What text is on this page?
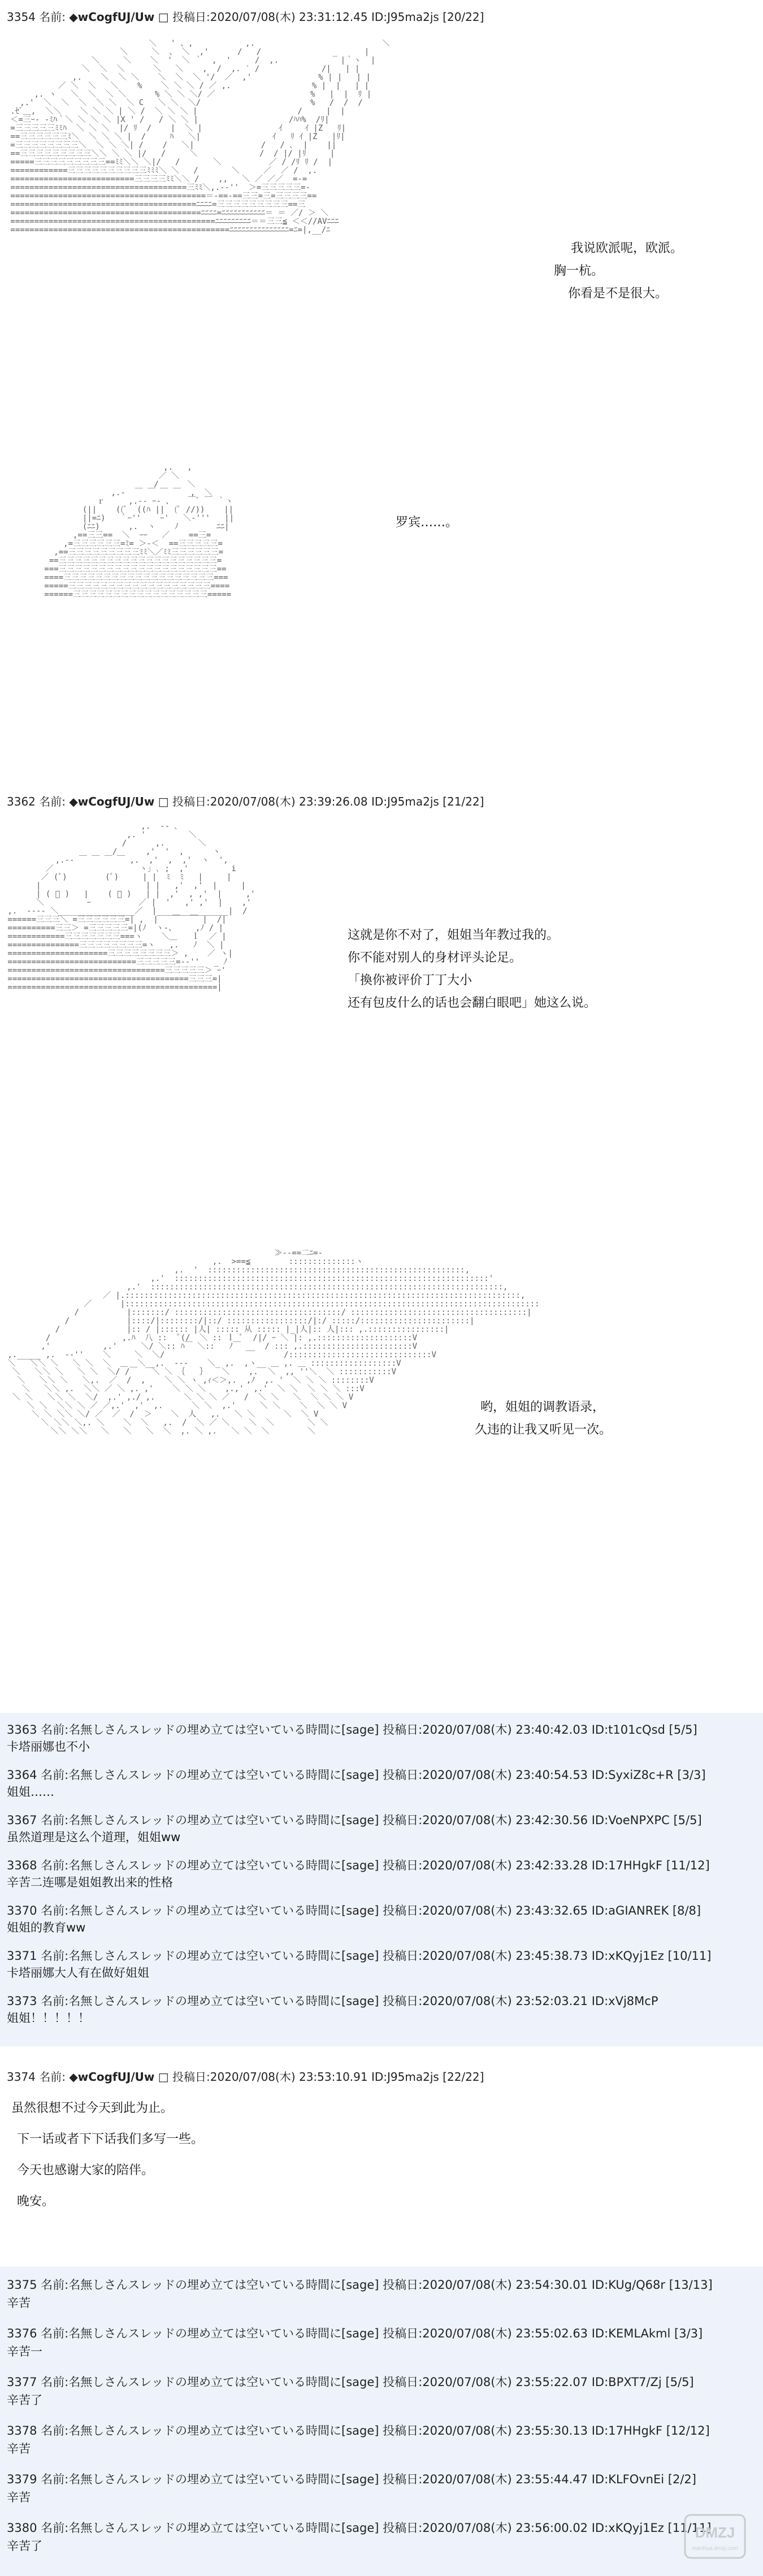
3354 名前: ◆wCogfUJ/Uw □ 投稿日:2020/07/08(木) 23:31:12.45 ID:J95ma2js [20/22]
＼   ' 、,           ,.  　                       ＼
＼     ＼  、 ＼  ,'      /   /               _　    |
＼     ＼    ＼  '  ＼ ｀  ,  '     /  ,.             |｀ヽ  |
＼  ＼  ＼      ＼   ＼    ,  /  ,. ′ /             /|   | |
,.    ＼  ＼ ＼    ＼  ＼  ＼ '/  ／  ,'              % | |   | |
／ ＼  ＼   ＼    %    ＼ ＼ ＼ / ／ ,.                 % |  |   | |
,. ヽ   ＼  ＼  ＼ ＼      % ＼ ＼ ＼/ ／                    %   |  |  ﾘ |
,.'  ＼  ＼  ＼  ＼ ＼  ＼ C   ＼ ＼  ＼/                       %   /  /  /
.ｾﾞ＿,  ＼＼    ＼ ＼ ＼ | ＼ /  ＼ ＼ ＼ |                     /     |  |
＜=三ｰ- ‐ﾐﾊ｀＼ ＼ ＼ ＼ |X ' /   / ＼ ＼ |                   /ﾊﾊ%  /ﾘ|
=三三三三三ﾐﾐﾊ  ＼ ＼ ＼  |/ ﾘ  /    |  ＼ |                ｲ 　  ｲ |Z   ﾘ|
==三三三三三三ﾐ＼  ＼ ＼ ＼ |  /     ﾊ   ＼|               ｲ   ﾘ ｲ |Z   |ﾘ|
=三三三三三三三三＼  ＼ ＼ ＼| /    /   ＼|              /   / ､  |    ||
==三三三三三三三三三＼＼ ＼ ＼ |/   /     ＼             /  / |/ |ﾘ     |
=====三三三三三三三三三==ﾐﾐ＼＼ ＼|/   /       ＼          ／ / /ﾘ ﾘ /  |
============三三三三三三三三三三ﾐﾐﾐ＼ ＼   /       ＼     ／  ／ /  ,.
==========================三三三三ﾐﾐ＼＼ /    ,,   ＼ ／ ／／  =-=
=====================================三ﾐﾐ＼,.-‐''  ＞=三三三三三=-
=========================================＝-==-==三三=三=三三三三==
=======================================ﾆﾆﾆﾆ=三三三三三三三三三==三
========================================ﾆﾆﾆﾆ=ﾆﾆﾆﾆﾆﾆﾆﾆﾆﾆﾆ＝ ＝ ／/ ＞ ＼
===========================================ﾆﾆﾆﾆﾆﾆﾆﾆﾆ＝＝三三≦ ＜＜//AVﾆﾆﾆ
==============================================ﾆﾆﾆﾆﾆﾆﾆﾆﾆﾆﾆﾆﾆﾆﾆ=ﾆ=|,__/ﾆ

我说欧派呢，欧派。
胸一杭。
你看是不是很大。
,.   ,
／ ＼
/      ＼
,.-  ￣ ￣ ￣ ￣  ,  ＼
ｒ     ,.-‐ ｰ- 、   ￣ﾞ ￣ ｀ヽ
(||    ((ﾞ  ((ﾊ ||  (ﾟ //))    ||
||=ﾆ)   ｀ｰ''    ｰ'   ＼‐'''   ||
(ﾆﾆ)      ,.  ヽ    ﾉ        ﾆﾆ|
,==三三==  ＼  ｰｰ   ／    ==三=
,=三三三三三三=ﾐ= ＞-＜  ==三三三三三=
,==三三三三三三三三三ﾐﾐ＼／ﾐﾐ三三三三三三=
==三三三三三三三三三三三三三三三三三三三三=
===三三三三三三三三三三三三三三三三三三三三==
====三三三三三三三三三三三三三三三三三三三===
=====三三三三三三三三三三三三三三三三三三====
======三三三三三三三三三三三三三三三三三=====

罗宾……。
3362 名前: ◆wCogfUJ/Uw □ 投稿日:2020/07/08(木) 23:39:26.08 ID:J95ma2js [21/22]
,.  -‐ ､
,. '         ＼
/      ,.       ＼
/      ,'  '  ,      ヽ
,.-‐ ￣ ￣ ￣ ￣ ,.  ,'  ,  ,'  ヽ  ',
／                  ヽ｣ ､ ;  ,'         i
／ (ﾟ)        (ﾟ)     | |  ﾐ  ﾐ   |     |
|                      | |   ,'  ,'  |     |
| ( ﾟ )   |    ( ﾟ )   | |  ,'  , ,'  |     ,'
＼         ｰ          ／ |  '   ,' ,'  |    ,'
,.  ---- ＼________________／  |_______________|  /
======三三三＼ =三三三三三三=| ,  |   ￣  ￣ |  /|
==========三三＞ =三三三三三=|(ﾉ  ヽ-、    ,ﾉ / |
============三三三三三三三===ヽ    ＼＿   ｌ  ／ |
===============三三三三三三三三=ヽ   ,.   ﾉ  ＼ |
=====================三三三三三三三三＞ ,    ／ ヽ|
===========================三三三三三=-‐''   _ ﾉ
=================================三三三三三＞ ｰ'
======================================三三三=|
============================================|

这就是你不对了，姐姐当年教过我的。
你不能对别人的身材评头论足。
「換你被评价丁丁大小
还有包皮什么的话也会翻白眼吧」她这么说。
≫‐-==二ﾆ=-
,.  >==≦        ::::::::::::::ヽ
,.  '  ::::::::::::::::::::::::::::::::::::::::::::::::::::::,
,.'  ::::::::::::::::::::::::::::::::::::::::::::::::::::::::::::::::::'
,.'  ::::::::::::::::::::::::::::::::::::::::::::::::::::::::::::::::::::::::::,
／ |.:::::::::::::::::::::::::::::::::::::::::::::::::::::::::::::::::::::::::::::::::::,
／      |:::::::::::::::::::::::::::::::::::::::::::::::::::::::::::::::::::::::::::::::::::::::
/          |:::::::/ :::::::::::::::::::::::::::::::::::/ :::::::::::::::::::::::::::::::::::::|
/            |::::/|::::::::/|::/ :::::::::::::::::/|:/ :::::/:::::::::::::::::::::::|
/              |:: / |:::::: |人| ::::: 从 ::::: |_|人|:: 人|::: ,.::::::::::::::::|
/               ,.ﾊ  八 ::  ﾟ(/  ＼ :: ｌ ﾟ  /|/ ｰ ＼ |: ,.::::::::::::::::::::V
,'           ,.'     ＼/ ＼:: ﾊ￣ ＼::   ﾉ￣ __  / ::: ,.:::::::::::::::::::::::V
,._____ ,.  -‐''    ＼     ＼  ＼/                         /::::::::::::::::::::::::::::::V
＼   ＼＼ ＼   ＼ ＼  ＼  ＿  ＼__,.  ---    ＼_ ,.  ,ヽ__ ＿ ,. ＿ ::::::::::::::::::V
＼   ＼＼ ＼   ＼ ＼  ＼/ /￣   ＼ ＼ ｛   ｝   ＼    ,.  ＼  ,, ''＼  ＼ :::::::::::V
＼   ＼＼ ＼   ＼,.  ／  /  ,    ＼ ＼ ヽ ,ｨ＜＞,.  ,ﾉ  ,. '  ＼ ＼ ＼ ::::::::V
＼   ＼＼ ,.  ＼＼ ／ ＼ ,. ,'    ＼ ＼ ＼    ,.,'  ,.'  ＼ ＼  ＼ ＼ ＼ :::V
＼ ＼   ＼＼ ＼  ＼/  ,.' ,./ ,.      ＼ ＼ ＼ ／   /  ＼ ＼   ＼  ＼ ＼ ＼ V
＼ ＼  ＼＼ ＼ ／ ／,.'  ,'  ,.      ＼ ＼  ,.'     ＼ ＼    ＼  ＼ ＼ V
＼ ＼ ＼＼ ＼/ ／  ／  /  ＞    ＼  人   ,.   ＼ ＼      ＼  ＼ V
＼ ＼＼ ＼,. ＼    ＼  ＼   ,.  /  ＼ ／ ＼    ＼  ＼       ＼ ＼
＼＼ ＼＼   ＼   ＼   ＼  ＼  ,. ＼ ,.   ＼ ＼  ＼        ＼

哟，姐姐的调教语录，
久违的让我又听见一次。
3363 名前:名無しさんスレッドの埋め立ては空いている時間に[sage] 投稿日:2020/07/08(木) 23:40:42.03 ID:t101cQsd [5/5]
卡塔丽娜也不小
3364 名前:名無しさんスレッドの埋め立ては空いている時間に[sage] 投稿日:2020/07/08(木) 23:40:54.53 ID:SyxiZ8c+R [3/3]
姐姐……
3367 名前:名無しさんスレッドの埋め立ては空いている時間に[sage] 投稿日:2020/07/08(木) 23:42:30.56 ID:VoeNPXPC [5/5]
虽然道理是这么个道理，姐姐ww
3368 名前:名無しさんスレッドの埋め立ては空いている時間に[sage] 投稿日:2020/07/08(木) 23:42:33.28 ID:17HHgkF [11/12]
辛苦二连哪是姐姐教出来的性格
3370 名前:名無しさんスレッドの埋め立ては空いている時間に[sage] 投稿日:2020/07/08(木) 23:43:32.65 ID:aGIANREK [8/8]
姐姐的教育ww
3371 名前:名無しさんスレッドの埋め立ては空いている時間に[sage] 投稿日:2020/07/08(木) 23:45:38.73 ID:xKQyj1Ez [10/11]
卡塔丽娜大人有在做好姐姐
3373 名前:名無しさんスレッドの埋め立ては空いている時間に[sage] 投稿日:2020/07/08(木) 23:52:03.21 ID:xVj8McP
姐姐！！！！！
3374 名前: ◆wCogfUJ/Uw □ 投稿日:2020/07/08(木) 23:53:10.91 ID:J95ma2js [22/22]
虽然很想不过今天到此为止。
下一话或者下下话我们多写一些。
今天也感谢大家的陪伴。
晚安。
3375 名前:名無しさんスレッドの埋め立ては空いている時間に[sage] 投稿日:2020/07/08(木) 23:54:30.01 ID:KUg/Q68r [13/13]
辛苦
3376 名前:名無しさんスレッドの埋め立ては空いている時間に[sage] 投稿日:2020/07/08(木) 23:55:02.63 ID:KEMLAkml [3/3]
辛苦一
3377 名前:名無しさんスレッドの埋め立ては空いている時間に[sage] 投稿日:2020/07/08(木) 23:55:22.07 ID:BPXT7/Zj [5/5]
辛苦了
3378 名前:名無しさんスレッドの埋め立ては空いている時間に[sage] 投稿日:2020/07/08(木) 23:55:30.13 ID:17HHgkF [12/12]
辛苦
3379 名前:名無しさんスレッドの埋め立ては空いている時間に[sage] 投稿日:2020/07/08(木) 23:55:44.47 ID:KLFOvnEi [2/2]
辛苦
3380 名前:名無しさんスレッドの埋め立ては空いている時間に[sage] 投稿日:2020/07/08(木) 23:56:00.02 ID:xKQyj1Ez [11/11]
辛苦了
DMZJ
manhua.dmzj.com
